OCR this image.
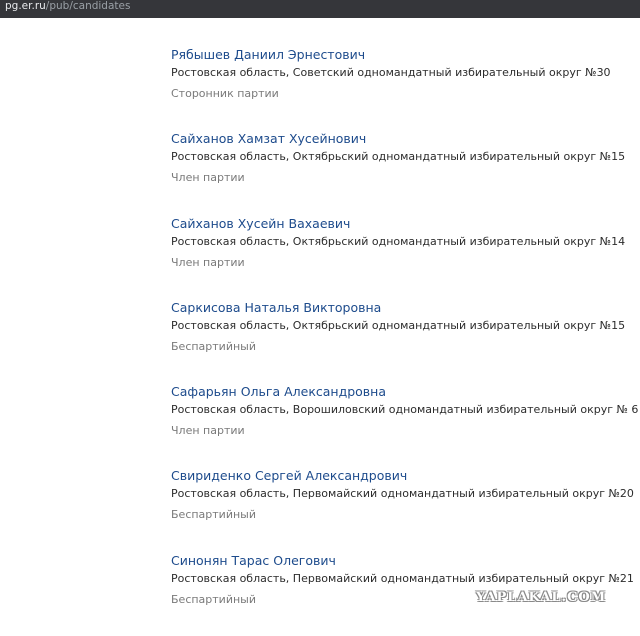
pg.er.ru/pub/candidates
Рябышев Даниил Эрнестович
Ростовская область, Советский одномандатный избирательный округ №30
Сторонник партии
Сайханов Хамзат Хусейнович
Ростовская область, Октябрьский одномандатный избирательный округ №15
Член партии
Сайханов Хусейн Вахаевич
Ростовская область, Октябрьский одномандатный избирательный округ №14
Член партии
Саркисова Наталья Викторовна
Ростовская область, Октябрьский одномандатный избирательный округ №15
Беспартийный
Сафарьян Ольга Александровна
Ростовская область, Ворошиловский одномандатный избирательный округ № 6
Член партии
Свириденко Сергей Александрович
Ростовская область, Первомайский одномандатный избирательный округ №20
Беспартийный
Синонян Тарас Олегович
Ростовская область, Первомайский одномандатный избирательный округ №21
Беспартийный	YAPLAKAL.COM
